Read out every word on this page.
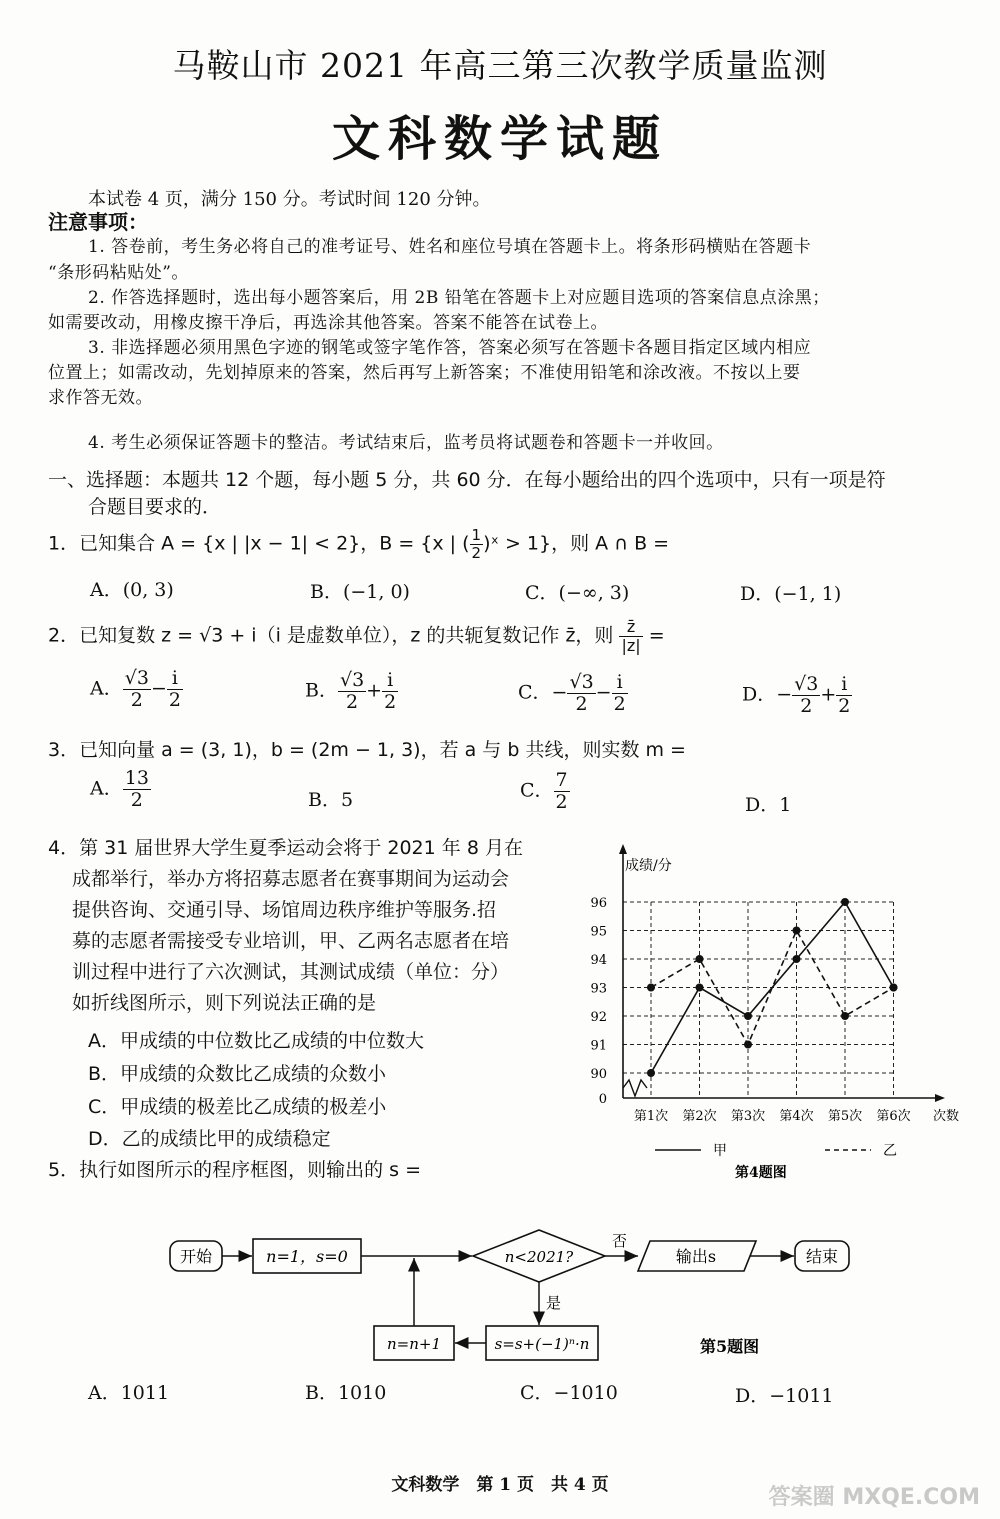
马鞍山市 2021 年高三第三次教学质量监测
文科数学试题
本试卷 4 页，满分 150 分。考试时间 120 分钟。
注意事项：
1. 答卷前，考生务必将自己的准考证号、姓名和座位号填在答题卡上。将条形码横贴在答题卡
“条形码粘贴处”。
2. 作答选择题时，选出每小题答案后，用 2B 铅笔在答题卡上对应题目选项的答案信息点涂黑；
如需要改动，用橡皮擦干净后，再选涂其他答案。答案不能答在试卷上。
3. 非选择题必须用黑色字迹的钢笔或签字笔作答，答案必须写在答题卡各题目指定区域内相应
位置上；如需改动，先划掉原来的答案，然后再写上新答案；不准使用铅笔和涂改液。不按以上要
求作答无效。
4. 考生必须保证答题卡的整洁。考试结束后，监考员将试题卷和答题卡一并收回。
一、选择题：本题共 12 个题，每小题 5 分，共 60 分．在每小题给出的四个选项中，只有一项是符
合题目要求的．
1．已知集合 A = {x | |x − 1| < 2}，B = {x | ( $\frac{1}{2}$ )ˣ > 1}，则 A ∩ B =
A．(0, 3)	B．(−1, 0)	C．(−∞, 3)	D．(−1, 1)
2．已知复数 z = √3 + i（i 是虚数单位），z 的共轭复数记作 z̄，则 $\frac{z̄}{|z|}$ =
A． $\frac{√3}{2} - \frac{i}{2}$	B． $\frac{√3}{2} + \frac{i}{2}$	C．− $\frac{√3}{2} - \frac{i}{2}$	D．− $\frac{√3}{2} + \frac{i}{2}$
3．已知向量 a = (3, 1)，b = (2m − 1, 3)，若 a 与 b 共线，则实数 m =
A． $\frac{13}{2}$	B．5	C． $\frac{7}{2}$	D．1
4．第 31 届世界大学生夏季运动会将于 2021 年 8 月在
成都举行，举办方将招募志愿者在赛事期间为运动会
提供咨询、交通引导、场馆周边秩序维护等服务.招
募的志愿者需接受专业培训，甲、乙两名志愿者在培
训过程中进行了六次测试，其测试成绩（单位：分）
如折线图所示，则下列说法正确的是
A．甲成绩的中位数比乙成绩的中位数大
B．甲成绩的众数比乙成绩的众数小
C．甲成绩的极差比乙成绩的极差小
D．乙的成绩比甲的成绩稳定
0
90
91
92
93
94
95
96
成绩/分
第1次 第2次 第3次 第4次 第5次 第6次 次数
甲	乙
第4题图
5．执行如图所示的程序框图，则输出的 s =
开始	n=1，s=0	n<2021?
否
输出s	结束
是
s=s+(−1)ⁿ·n
n=n+1	第5题图
A．1011	B．1010	C．−1010	D．−1011
文科数学　第 1 页　共 4 页	答案圈 MXQE.COM
